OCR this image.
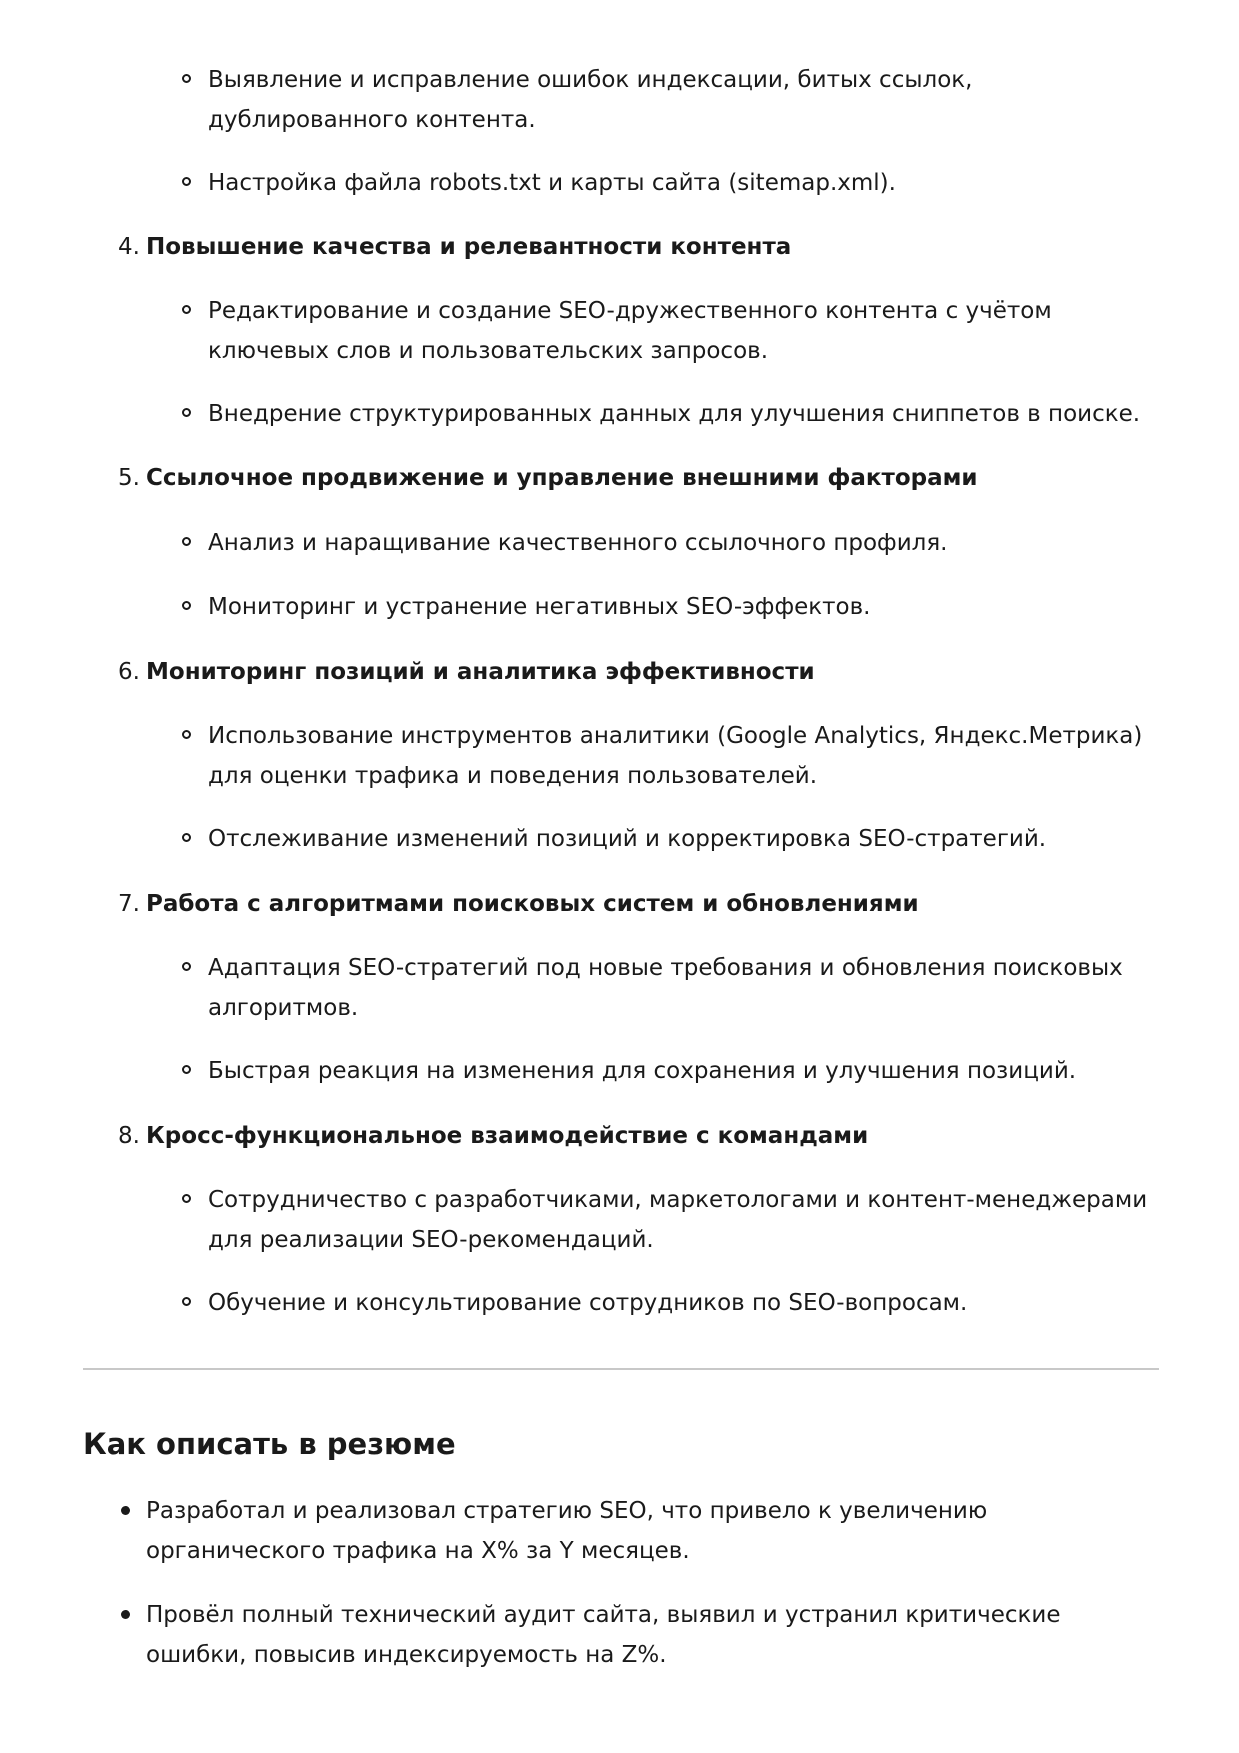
Выявление и исправление ошибок индексации, битых ссылок, дублированного контента.
Настройка файла robots.txt и карты сайта (sitemap.xml).
4. Повышение качества и релевантности контента
Редактирование и создание SEO-дружественного контента с учётом ключевых слов и пользовательских запросов.
Внедрение структурированных данных для улучшения сниппетов в поиске.
5. Ссылочное продвижение и управление внешними факторами
Анализ и наращивание качественного ссылочного профиля.
Мониторинг и устранение негативных SEO-эффектов.
6. Мониторинг позиций и аналитика эффективности
Использование инструментов аналитики (Google Analytics, Яндекс.Метрика) для оценки трафика и поведения пользователей.
Отслеживание изменений позиций и корректировка SEO-стратегий.
7. Работа с алгоритмами поисковых систем и обновлениями
Адаптация SEO-стратегий под новые требования и обновления поисковых алгоритмов.
Быстрая реакция на изменения для сохранения и улучшения позиций.
8. Кросс-функциональное взаимодействие с командами
Сотрудничество с разработчиками, маркетологами и контент-менеджерами для реализации SEO-рекомендаций.
Обучение и консультирование сотрудников по SEO-вопросам.
Как описать в резюме
Разработал и реализовал стратегию SEO, что привело к увеличению органического трафика на X% за Y месяцев.
Провёл полный технический аудит сайта, выявил и устранил критические ошибки, повысив индексируемость на Z%.
